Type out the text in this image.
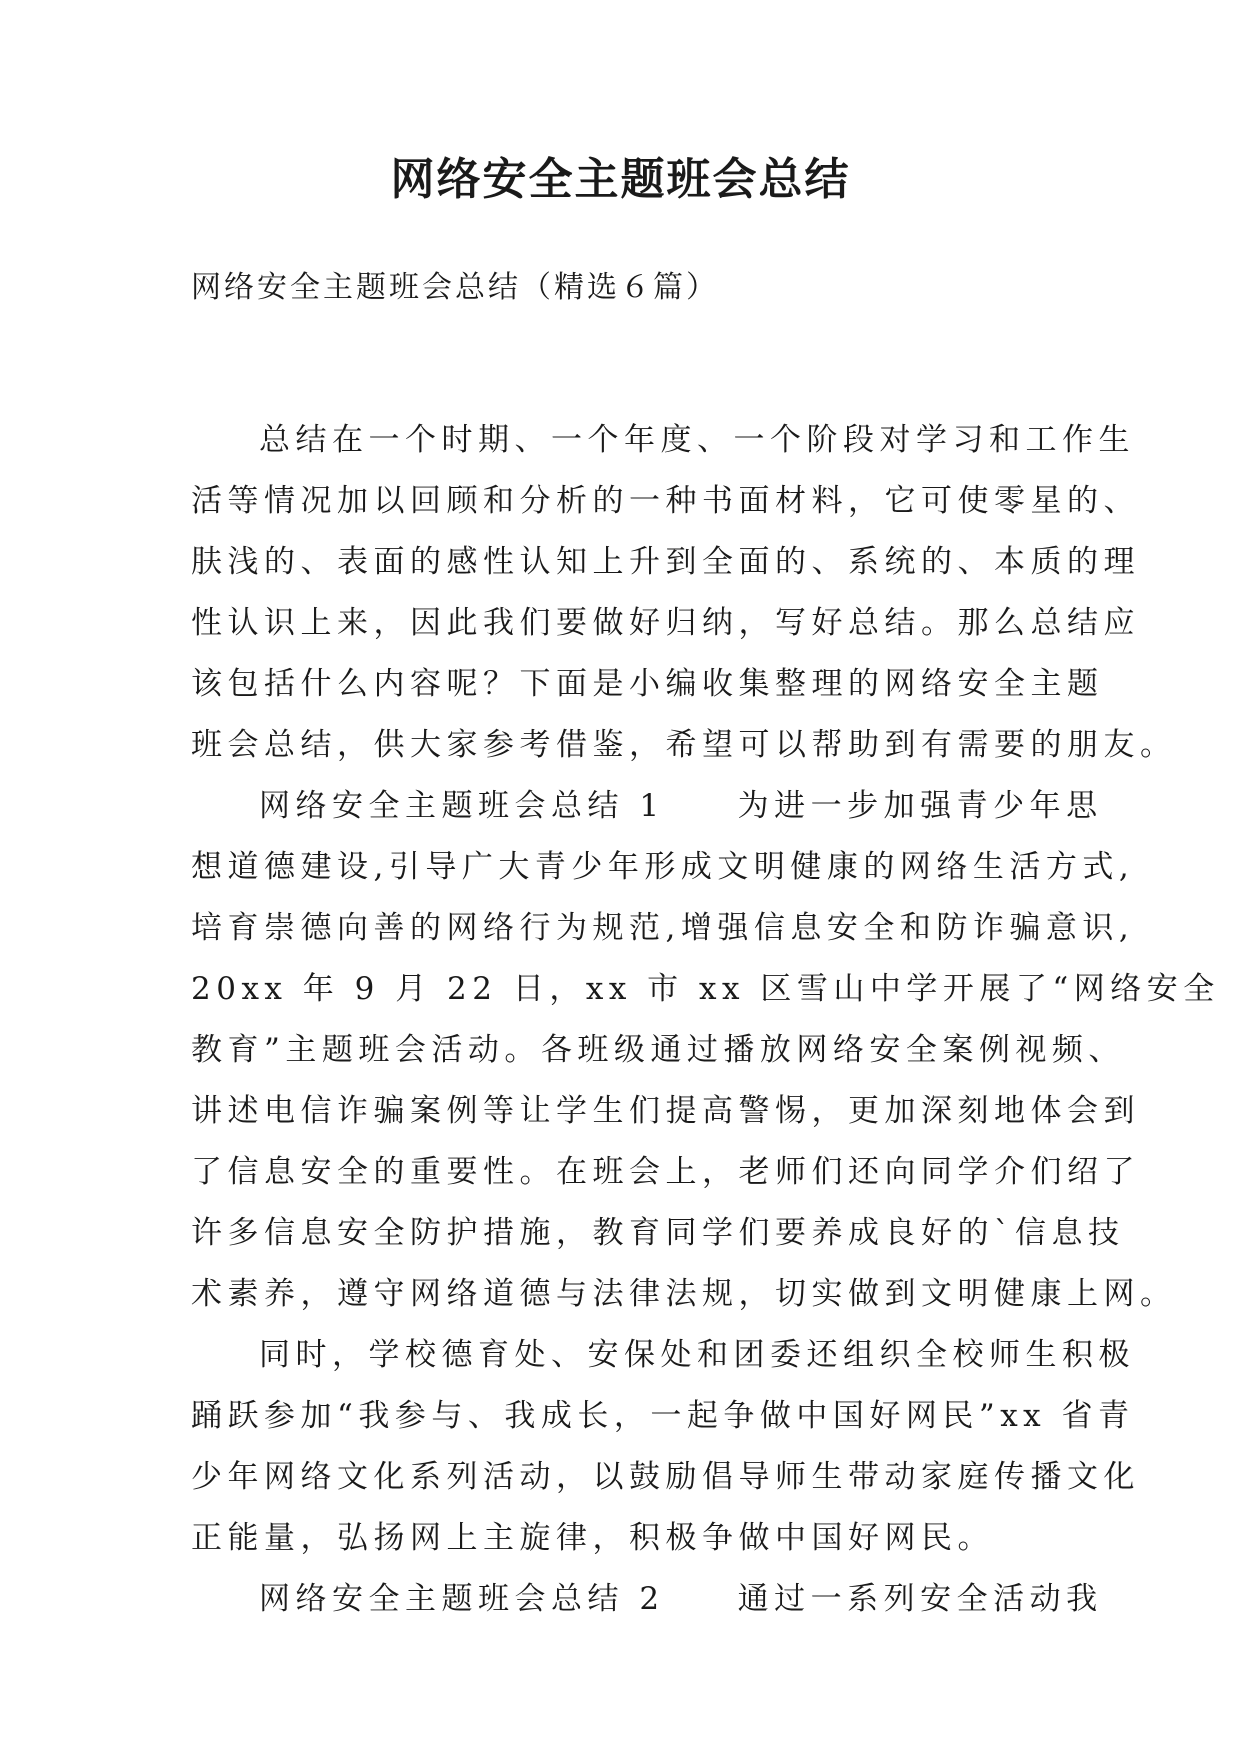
网络安全主题班会总结

网络安全主题班会总结（精选６篇）

总结在一个时期、一个年度、一个阶段对学习和工作生

活等情况加以回顾和分析的一种书面材料，它可使零星的、

肤浅的、表面的感性认知上升到全面的、系统的、本质的理

性认识上来，因此我们要做好归纳，写好总结。那么总结应

该包括什么内容呢？下面是小编收集整理的网络安全主题

班会总结，供大家参考借鉴，希望可以帮助到有需要的朋友。

网络安全主题班会总结 1　　为进一步加强青少年思

想道德建设,引导广大青少年形成文明健康的网络生活方式,

培育崇德向善的网络行为规范,增强信息安全和防诈骗意识,

20xx 年 9 月 22 日，xx 市 xx 区雪山中学开展了“网络安全

教育”主题班会活动。各班级通过播放网络安全案例视频、

讲述电信诈骗案例等让学生们提高警惕，更加深刻地体会到

了信息安全的重要性。在班会上，老师们还向同学介们绍了

许多信息安全防护措施，教育同学们要养成良好的`信息技

术素养，遵守网络道德与法律法规，切实做到文明健康上网。

同时，学校德育处、安保处和团委还组织全校师生积极

踊跃参加“我参与、我成长，一起争做中国好网民”xx 省青

少年网络文化系列活动，以鼓励倡导师生带动家庭传播文化

正能量，弘扬网上主旋律，积极争做中国好网民。

网络安全主题班会总结 2　　通过一系列安全活动我
